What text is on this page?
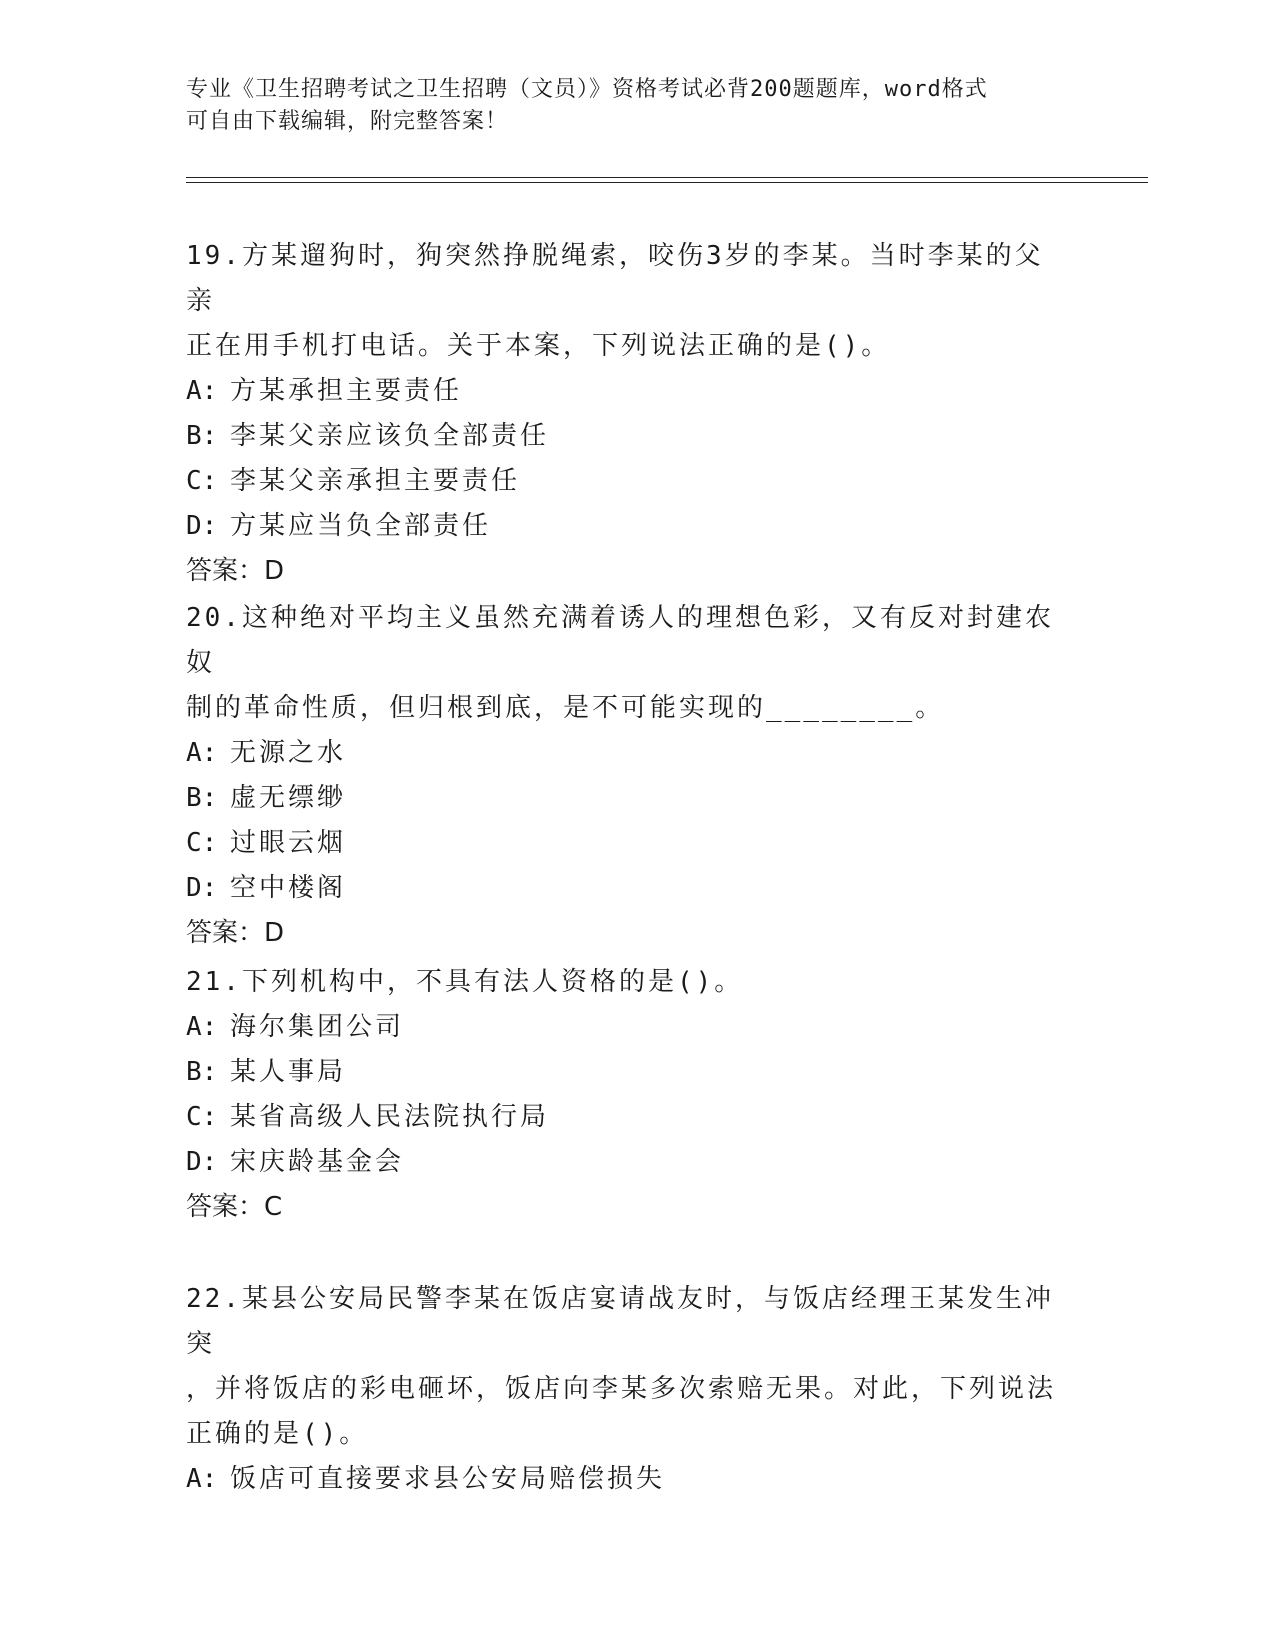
专业《卫生招聘考试之卫生招聘（文员）》资格考试必背200题题库，word格式
可自由下载编辑，附完整答案！
19.方某遛狗时，狗突然挣脱绳索，咬伤3岁的李某。当时李某的父亲
正在用手机打电话。关于本案，下列说法正确的是()。
A: 方某承担主要责任
B: 李某父亲应该负全部责任
C: 李某父亲承担主要责任
D: 方某应当负全部责任
答案：D
20.这种绝对平均主义虽然充满着诱人的理想色彩，又有反对封建农奴
制的革命性质，但归根到底，是不可能实现的________。
A: 无源之水
B: 虚无缥缈
C: 过眼云烟
D: 空中楼阁
答案：D
21.下列机构中，不具有法人资格的是()。
A: 海尔集团公司
B: 某人事局
C: 某省高级人民法院执行局
D: 宋庆龄基金会
答案：C
22.某县公安局民警李某在饭店宴请战友时，与饭店经理王某发生冲突
，并将饭店的彩电砸坏，饭店向李某多次索赔无果。对此，下列说法
正确的是()。
A: 饭店可直接要求县公安局赔偿损失
